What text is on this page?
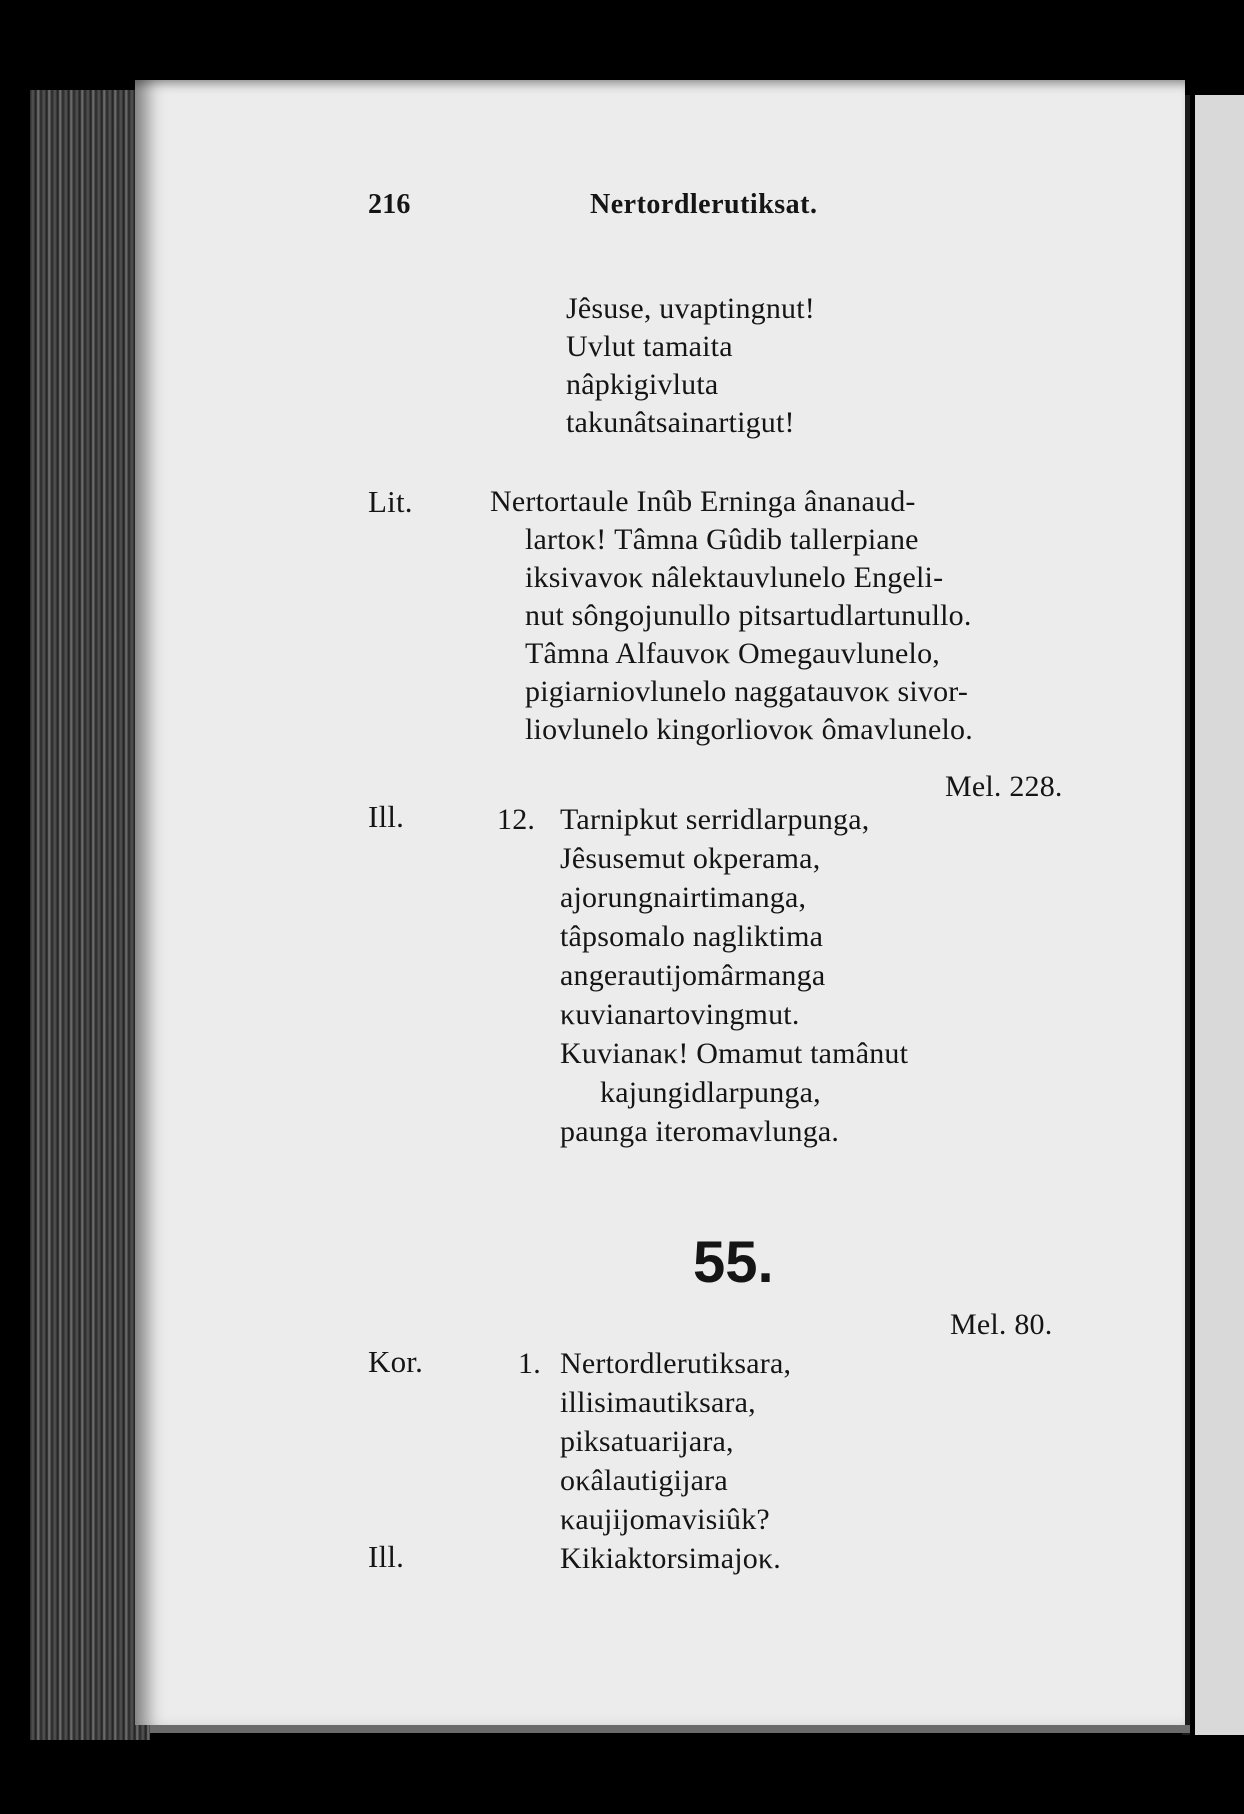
216	Nertordlerutiksat.
Jêsuse, uvaptingnut!
Uvlut tamaita
nâpkigivluta
takunâtsainartigut!
Lit.	Nertortaule Inûb Erninga ânanaud-
lartoκ! Tâmna Gûdib tallerpiane
iksivavoκ nâlektauvlunelo Engeli-
nut sôngojunullo pitsartudlartunullo.
Tâmna Alfauvoκ Omegauvlunelo,
pigiarniovlunelo naggatauvoκ sivor-
liovlunelo kingorliovoκ ômavlunelo.
Mel. 228.
Ill.	12. Tarnipkut serridlarpunga,
Jêsusemut okperama,
ajorungnairtimanga,
tâpsomalo nagliktima
angerautijomârmanga
κuvianartovingmut.
Kuvianaκ! Omamut tamânut
kajungidlarpunga,
paunga iteromavlunga.
55.
Mel. 80.
Kor.	1. Nertordlerutiksara,
illisimautiksara,
piksatuarijara,
oκâlautigijara
κaujijomavisiûk?
Ill.	Kikiaktorsimajoκ.
